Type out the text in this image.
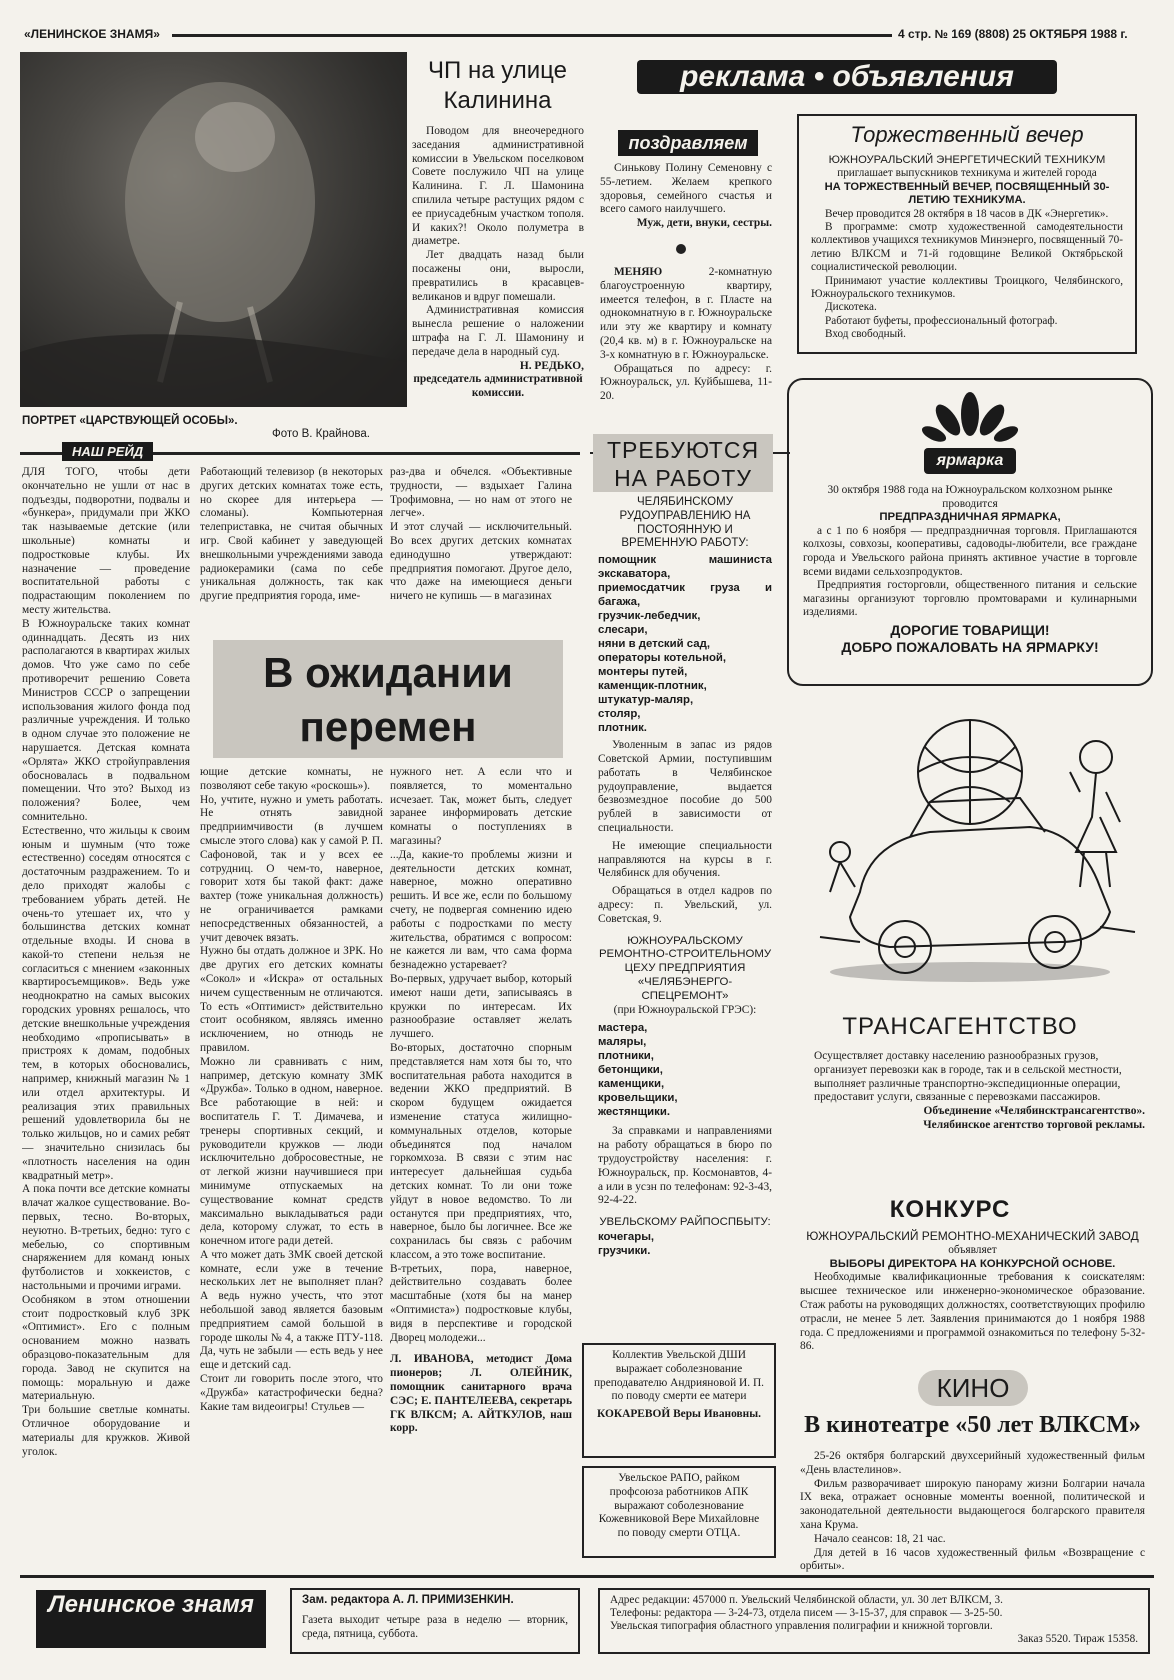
«ЛЕНИНСКОЕ ЗНАМЯ»	4 стр. № 169 (8808) 25 ОКТЯБРЯ 1988 г.
ПОРТРЕТ «ЦАРСТВУЮЩЕЙ ОСОБЫ».
Фото В. Крайнова.
ЧП на улице Калинина

Поводом для внеочередного заседания административной комиссии в Увельском поселковом Совете послужило ЧП на улице Калинина. Г. Л. Шамонина спилила четыре растущих рядом с ее приусадебным участком тополя. И каких?! Около полуметра в диаметре.

Лет двадцать назад были посажены они, выросли, превратились в красавцев-великанов и вдруг помешали.

Административная комиссия вынесла решение о наложении штрафа на Г. Л. Шамонину и передаче дела в народный суд.

Н. РЕДЬКО,
председатель административной комиссии.
НАШ РЕЙД
ДЛЯ ТОГО, чтобы дети окончательно не ушли от нас в подъезды, подворотни, подвалы и «бункера», придумали при ЖКО так называемые детские (или школьные) комнаты и подростковые клубы. Их назначение — проведение воспитательной работы с подрастающим поколением по месту жительства.
В Южноуральске таких комнат одиннадцать. Десять из них располагаются в квартирах жилых домов. Что уже само по себе противоречит решению Совета Министров СССР о запрещении использования жилого фонда под различные учреждения. И только в одном случае это положение не нарушается. Детская комната «Орлята» ЖКО стройуправления обосновалась в подвальном помещении. Что это? Выход из положения? Более, чем сомнительно.
Естественно, что жильцы к своим юным и шумным (что тоже естественно) соседям относятся с достаточным раздражением. То и дело приходят жалобы с требованием убрать детей. Не очень-то утешает их, что у большинства детских комнат отдельные входы. И снова в какой-то степени нельзя не согласиться с мнением «законных квартиросъемщиков». Ведь уже неоднократно на самых высоких городских уровнях решалось, что детские внешкольные учреждения необходимо «прописывать» в пристроях к домам, подобных тем, в которых обосновались, например, книжный магазин № 1 или отдел архитектуры. И реализация этих правильных решений удовлетворила бы не только жильцов, но и самих ребят — значительно снизилась бы «плотность населения на один квадратный метр».
А пока почти все детские комнаты влачат жалкое существование. Во-первых, тесно. Во-вторых, неуютно. В-третьих, бедно: туго с мебелью, со спортивным снаряжением для команд юных футболистов и хоккеистов, с настольными и прочими играми.
Особняком в этом отношении стоит подростковый клуб ЗРК «Оптимист». Его с полным основанием можно назвать образцово-показательным для города. Завод не скупится на помощь: моральную и даже материальную.
Три большие светлые комнаты. Отличное оборудование и материалы для кружков. Живой уголок.
Работающий телевизор (в некоторых других детских комнатах тоже есть, но скорее для интерьера — сломаны). Компьютерная телеприставка, не считая обычных игр. Свой кабинет у заведующей внешкольными учреждениями завода радиокерамики (сама по себе уникальная должность, так как другие предприятия города, име-
раз-два и обчелся. «Объективные трудности, — вздыхает Галина Трофимовна, — но нам от этого не легче».
И этот случай — исключительный. Во всех других детских комнатах единодушно утверждают: предприятия помогают. Другое дело, что даже на имеющиеся деньги ничего не купишь — в магазинах
В ожидании перемен
ющие детские комнаты, не позволяют себе такую «роскошь»).
Но, учтите, нужно и уметь работать. Не отнять завидной предприимчивости (в лучшем смысле этого слова) как у самой Р. П. Сафоновой, так и у всех ее сотрудниц. О чем-то, наверное, говорит хотя бы такой факт: даже вахтер (тоже уникальная должность) не ограничивается рамками непосредственных обязанностей, а учит девочек вязать.
Нужно бы отдать должное и ЗРК. Но две других его детских комнаты «Сокол» и «Искра» от остальных ничем существенным не отличаются. То есть «Оптимист» действительно стоит особняком, являясь именно исключением, но отнюдь не правилом.
Можно ли сравнивать с ним, например, детскую комнату ЗМК «Дружба». Только в одном, наверное. Все работающие в ней: и воспитатель Г. Т. Димачева, и тренеры спортивных секций, и руководители кружков — люди исключительно добросовестные, не от легкой жизни научившиеся при минимуме отпускаемых на существование комнат средств максимально выкладываться ради дела, которому служат, то есть в конечном итоге ради детей.
А что может дать ЗМК своей детской комнате, если уже в течение нескольких лет не выполняет план? А ведь нужно учесть, что этот небольшой завод является базовым предприятием самой большой в городе школы № 4, а также ПТУ-118. Да, чуть не забыли — есть ведь у нее еще и детский сад.
Стоит ли говорить после этого, что «Дружба» катастрофически бедна? Какие там видеоигры! Стульев —
нужного нет. А если что и появляется, то моментально исчезает. Так, может быть, следует заранее информировать детские комнаты о поступлениях в магазины?
...Да, какие-то проблемы жизни и деятельности детских комнат, наверное, можно оперативно решить. И все же, если по большому счету, не подвергая сомнению идею работы с подростками по месту жительства, обратимся с вопросом: не кажется ли вам, что сама форма безнадежно устаревает?
Во-первых, удручает выбор, который имеют наши дети, записываясь в кружки по интересам. Их разнообразие оставляет желать лучшего.
Во-вторых, достаточно спорным представляется нам хотя бы то, что воспитательная работа находится в ведении ЖКО предприятий. В скором будущем ожидается изменение статуса жилищно-коммунальных отделов, которые объединятся под началом горкомхоза. В связи с этим нас интересует дальнейшая судьба детских комнат. То ли они тоже уйдут в новое ведомство. То ли останутся при предприятиях, что, наверное, было бы логичнее. Все же сохранилась бы связь с рабочим классом, а это тоже воспитание.
В-третьих, пора, наверное, действительно создавать более масштабные (хотя бы на манер «Оптимиста») подростковые клубы, видя в перспективе и городской Дворец молодежи...
Л. ИВАНОВА, методист Дома пионеров; Л. ОЛЕЙНИК, помощник санитарного врача СЭС; Е. ПАНТЕЛЕЕВА, секретарь ГК ВЛКСМ; А. АЙТКУЛОВ, наш корр.
реклама • объявления
поздравляем

Синькову Полину Семеновну с 55-летием. Желаем крепкого здоровья, семейного счастья и всего самого наилучшего.

Муж, дети, внуки, сестры.

МЕНЯЮ	2-комнатную благоустроенную квартиру, имеется телефон, в г. Пласте на однокомнатную в г. Южноуральске или эту же квартиру и комнату (20,4 кв. м) в г. Южноуральске на 3-х комнатную в г. Южноуральске.

Обращаться по адресу: г. Южноуральск, ул. Куйбышева, 11-20.

ТРЕБУЮТСЯ НА РАБОТУ
ЧЕЛЯБИНСКОМУ РУДОУПРАВЛЕНИЮ НА ПОСТОЯННУЮ И ВРЕМЕННУЮ РАБОТУ:
помощник машиниста экскаватора,
приемосдатчик груза и багажа,
грузчик-лебедчик,
слесари,
няни в детский сад,
операторы котельной,
монтеры путей,
каменщик-плотник,
штукатур-маляр,
столяр,
плотник.

Уволенным в запас из рядов Советской Армии, поступившим работать в Челябинское рудоуправление, выдается безвозмездное пособие до 500 рублей в зависимости от специальности.

Не имеющие специальности направляются на курсы в г. Челябинск для обучения.

Обращаться в отдел кадров по адресу: п. Увельский, ул. Советская, 9.

ЮЖНОУРАЛЬСКОМУ РЕМОНТНО-СТРОИТЕЛЬНОМУ ЦЕХУ ПРЕДПРИЯТИЯ «ЧЕЛЯБЭНЕРГО-СПЕЦРЕМОНТ»
(при Южноуральской ГРЭС):
мастера,
маляры,
плотники,
бетонщики,
каменщики,
кровельщики,
жестянщики.

За справками и направлениями на работу обращаться в бюро по трудоустройству населения: г. Южноуральск, пр. Космонавтов, 4-а или в усзн по телефонам: 92-3-43, 92-4-22.

УВЕЛЬСКОМУ РАЙПОСПБЫТУ:
кочегары,
грузчики.
Коллектив Увельской ДШИ выражает соболезнование преподавателю Андрияновой И. П. по поводу смерти ее матери
КОКАРЕВОЙ Веры Ивановны.
Увельское РАПО, райком профсоюза работников АПК выражают соболезнование Кожевниковой Вере Михайловне по поводу смерти ОТЦА.
Торжественный вечер
ЮЖНОУРАЛЬСКИЙ ЭНЕРГЕТИЧЕСКИЙ ТЕХНИКУМ
приглашает выпускников техникума и жителей города
НА ТОРЖЕСТВЕННЫЙ ВЕЧЕР, ПОСВЯЩЕННЫЙ 30-ЛЕТИЮ ТЕХНИКУМА.

Вечер проводится 28 октября в 18 часов в ДК «Энергетик».

В программе: смотр художественной самодеятельности коллективов учащихся техникумов Минэнерго, посвященный 70-летию ВЛКСМ и 71-й годовщине Великой Октябрьской социалистической революции.

Принимают участие коллективы Троицкого, Челябинского, Южноуральского техникумов.

Дискотека.

Работают буфеты, профессиональный фотограф.

Вход свободный.

ярмарка
30 октября 1988 года на Южноуральском колхозном рынке проводится
ПРЕДПРАЗДНИЧНАЯ ЯРМАРКА,

а с 1 по 6 ноября — предпраздничная торговля. Приглашаются колхозы, совхозы, кооперативы, садоводы-любители, все граждане города и Увельского района принять активное участие в торговле всеми видами сельхозпродуктов.

Предприятия госторговли, общественного питания и сельские магазины организуют торговлю промтоварами и кулинарными изделиями.

ДОРОГИЕ ТОВАРИЩИ!
ДОБРО ПОЖАЛОВАТЬ НА ЯРМАРКУ!
ТРАНСАГЕНТСТВО

Осуществляет доставку населению разнообразных грузов,

организует перевозки как в городе, так и в сельской местности,

выполняет различные транспортно-экспедиционные операции,

предоставит услуги, связанные с перевозками пассажиров.

Объединение «Челябинсктрансагентство».
Челябинское агентство торговой рекламы.
КОНКУРС
ЮЖНОУРАЛЬСКИЙ РЕМОНТНО-МЕХАНИЧЕСКИЙ ЗАВОД
объявляет
ВЫБОРЫ ДИРЕКТОРА НА КОНКУРСНОЙ ОСНОВЕ.

Необходимые квалификационные требования к соискателям: высшее техническое или инженерно-экономическое образование. Стаж работы на руководящих должностях, соответствующих профилю отрасли, не менее 5 лет. Заявления принимаются до 1 ноября 1988 года. С предложениями и программой ознакомиться по телефону 5-32-86.

КИНО
В кинотеатре «50 лет ВЛКСМ»

25-26 октября болгарский двухсерийный художественный фильм «День властелинов».

Фильм разворачивает широкую панораму жизни Болгарии начала IX века, отражает основные моменты военной, политической и законодательной деятельности выдающегося болгарского правителя хана Крума.

Начало сеансов: 18, 21 час.

Для детей в 16 часов художественный фильм «Возвращение с орбиты».

Ленинское знамя	Зам. редактора А. Л. ПРИМИЗЕНКИН.
Газета выходит четыре раза в неделю — вторник, среда, пятница, суббота.
Адрес редакции: 457000 п. Увельский Челябинской области, ул. 30 лет ВЛКСМ, 3.
Телефоны: редактора — 3-24-73, отдела писем — 3-15-37, для справок — 3-25-50.
Увельская типография областного управления полиграфии и книжной торговли.
Заказ 5520. Тираж 15358.
